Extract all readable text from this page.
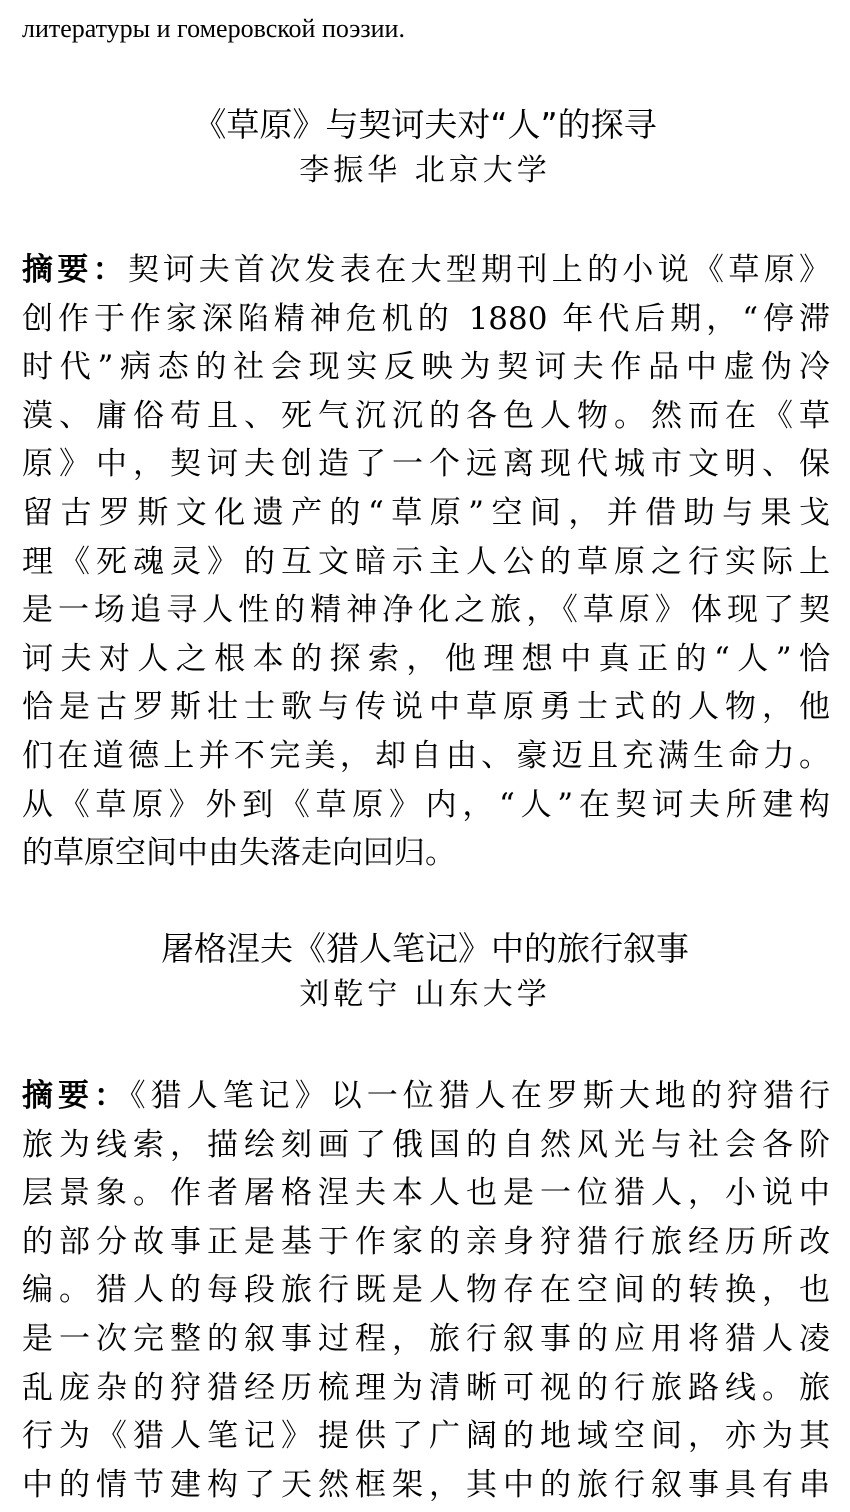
литературы и гомеровской поэзии.
《草原》与契诃夫对“人”的探寻

李振华 北京大学

摘要：契诃夫首次发表在大型期刊上的小说《草原》
创作于作家深陷精神危机的 1880 年代后期，“停滞
时代”病态的社会现实反映为契诃夫作品中虚伪冷
漠、庸俗苟且、死气沉沉的各色人物。然而在《草
原》中，契诃夫创造了一个远离现代城市文明、保
留古罗斯文化遗产的“草原”空间，并借助与果戈
理《死魂灵》的互文暗示主人公的草原之行实际上
是一场追寻人性的精神净化之旅，《草原》体现了契
诃夫对人之根本的探索，他理想中真正的“人”恰
恰是古罗斯壮士歌与传说中草原勇士式的人物，他
们在道德上并不完美，却自由、豪迈且充满生命力。
从《草原》外到《草原》内，“人”在契诃夫所建构
的草原空间中由失落走向回归。
屠格涅夫《猎人笔记》中的旅行叙事

刘乾宁 山东大学

摘要：《猎人笔记》以一位猎人在罗斯大地的狩猎行
旅为线索，描绘刻画了俄国的自然风光与社会各阶
层景象。作者屠格涅夫本人也是一位猎人，小说中
的部分故事正是基于作家的亲身狩猎行旅经历所改
编。猎人的每段旅行既是人物存在空间的转换，也
是一次完整的叙事过程，旅行叙事的应用将猎人凌
乱庞杂的狩猎经历梳理为清晰可视的行旅路线。旅
行为《猎人笔记》提供了广阔的地域空间，亦为其
中的情节建构了天然框架，其中的旅行叙事具有串
